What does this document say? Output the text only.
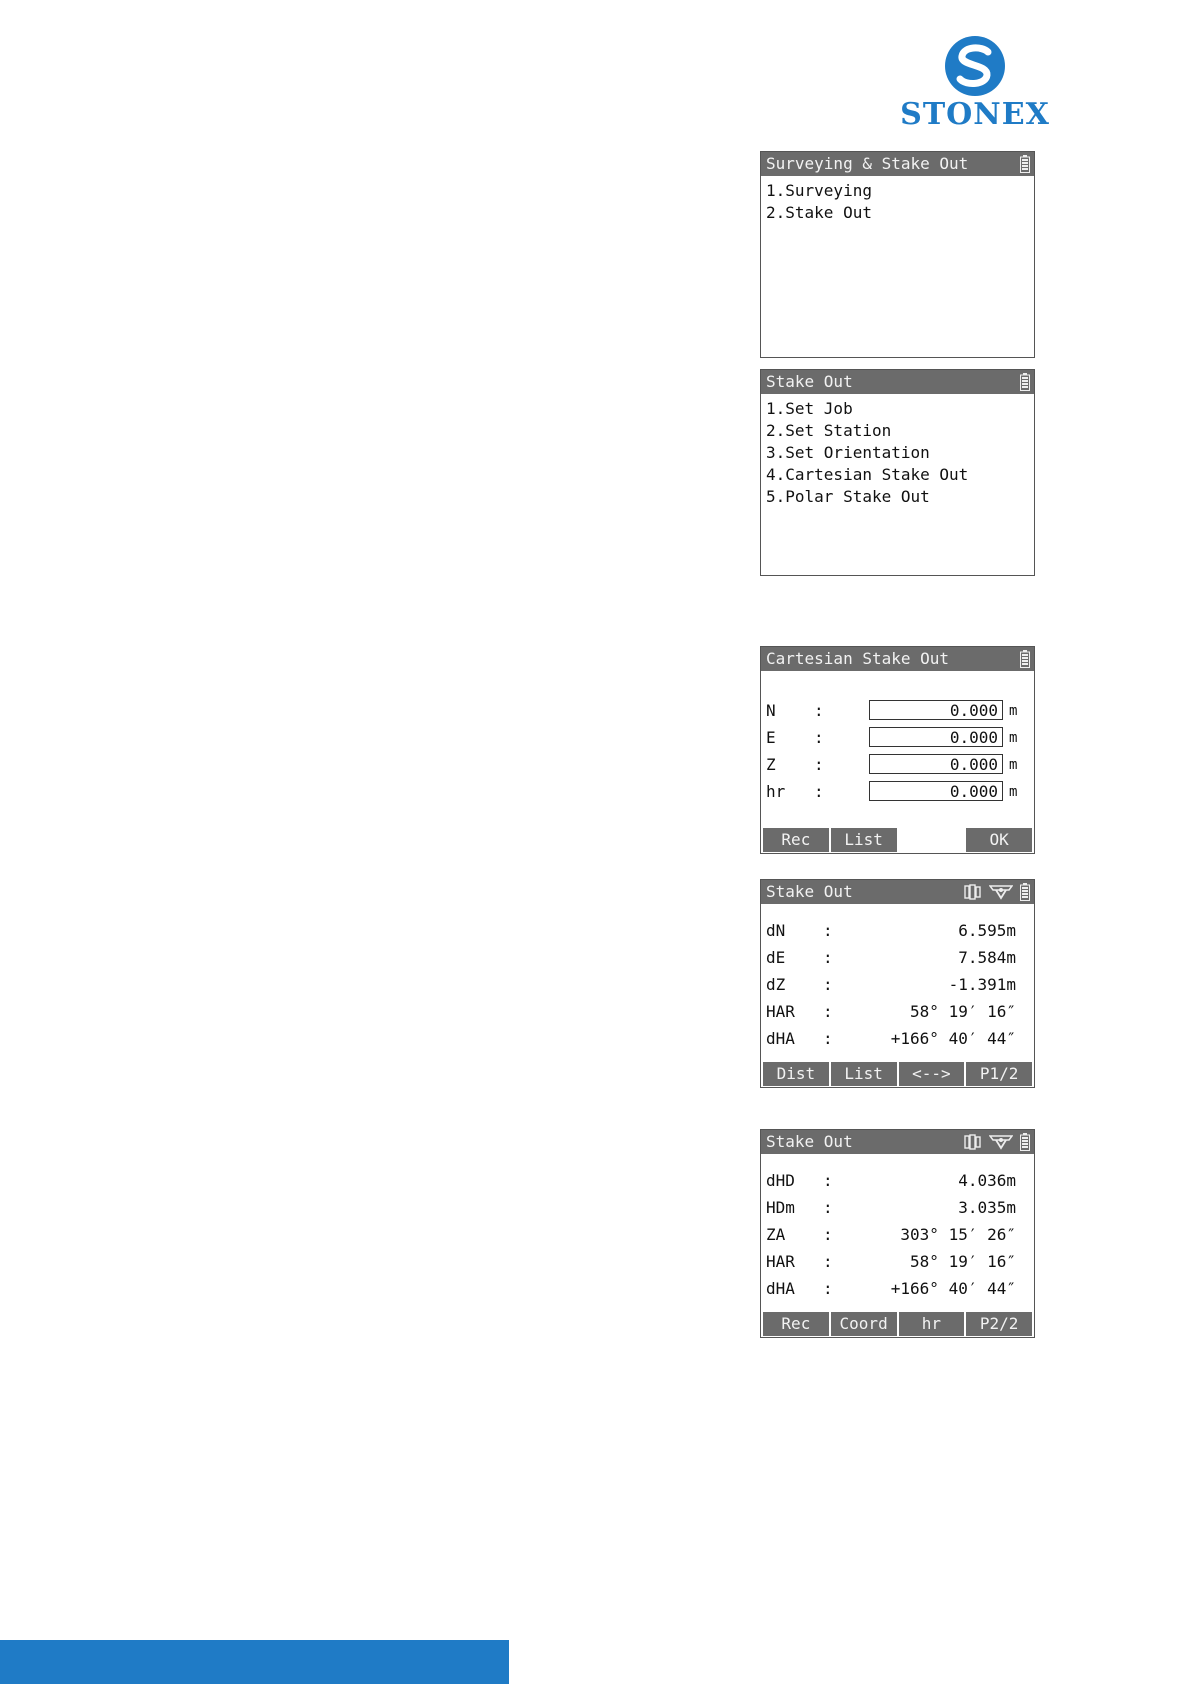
STONEX
Surveying & Stake Out
1.Surveying
2.Stake Out
Stake Out
1.Set Job
2.Set Station
3.Set Orientation
4.Cartesian Stake Out
5.Polar Stake Out
Cartesian Stake Out
N :	0.000 m
E :	0.000 m
Z :	0.000 m
hr :	0.000 m
Rec	List	OK
Stake Out
dN :	6.595m
dE :	7.584m
dZ :	-1.391m
HAR :	58° 19′ 16″
dHA :	+166° 40′ 44″
Dist	List	<-->	P1/2
Stake Out
dHD :	4.036m
HDm :	3.035m
ZA :	303° 15′ 26″
HAR :	58° 19′ 16″
dHA :	+166° 40′ 44″
Rec	Coord	hr	P2/2
